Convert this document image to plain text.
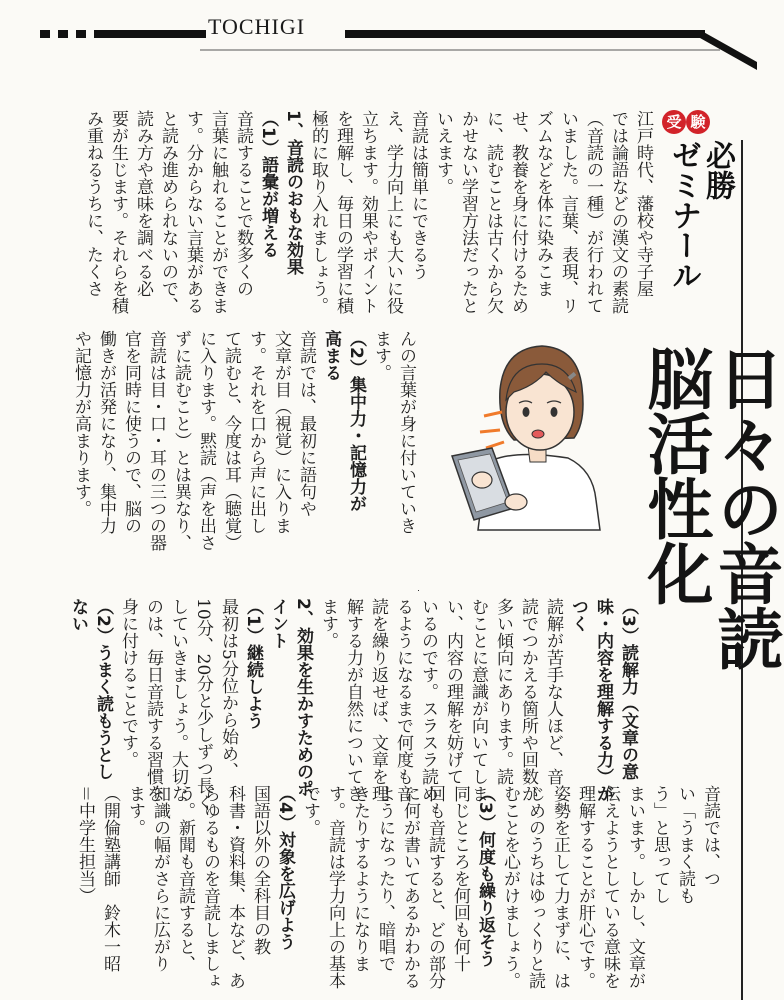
TOCHIGI
受 験
必勝
ゼミナール
日々の音読
脳活性化
江戸時代、藩校や寺子屋
では論語などの漢文の素読
（音読の一種）が行われて
いました。言葉、表現、リ
ズムなどを体に染みこま
せ、教養を身に付けるため
に、読むことは古くから欠
かせない学習方法だったと
いえます。
音読は簡単にできるう
え、学力向上にも大いに役
立ちます。効果やポイント
を理解し、毎日の学習に積
極的に取り入れましょう。
1、音読のおもな効果
（1）語彙が増える
音読することで数多くの
言葉に触れることができま
す。分からない言葉がある
と読み進められないので、
読み方や意味を調べる必
要が生じます。それらを積
み重ねるうちに、たくさ
んの言葉が身に付いていき
ます。
（2）集中力・記憶力が
高まる
音読では、最初に語句や
文章が目（視覚）に入りま
す。それを口から声に出し
て読むと、今度は耳（聴覚）
に入ります。黙読（声を出さ
ずに読むこと）とは異なり、
音読は目・口・耳の三つの器
官を同時に使うので、脳の
働きが活発になり、集中力
や記憶力が高まります。
（3）読解力（文章の意
味・内容を理解する力）が
つく
読解が苦手な人ほど、音
読でつかえる箇所や回数が
多い傾向にあります。読
むことに意識が向いてしま
い、内容の理解を妨げて
いるのです。スラスラ読め
るようになるまで何度も音
読を繰り返せば、文章を理
解する力が自然についてき
ます。
2、効果を生かすためのポ
イント
（1）継続しよう
最初は5分位から始め、
10分、20分と少しずつ長く
していきましょう。大切な
のは、毎日音読する習慣を
身に付けることです。
（2）うまく読もうとし
ない
音読では、つ
い「うまく読も
う」と思ってし
まいます。しかし、文章が
伝えようとしている意味を
理解することが肝心です。
姿勢を正して力まずに、は
じめのうちはゆっくりと読
むことを心がけましょう。
（3）何度も繰り返そう
同じところを何回も何十
回も音読すると、どの部分
に何が書いてあるかわかる
ようになったり、暗唱で
きたりするようになりま
す。音読は学力向上の基本
です。
（4）対象を広げよう
国語以外の全科目の教
科書・資料集、本など、あ
らゆるものを音読しましょ
う。新聞も音読すると、
知識の幅がさらに広がり
ます。
（開倫塾講師　鈴木一昭
＝中学生担当）
